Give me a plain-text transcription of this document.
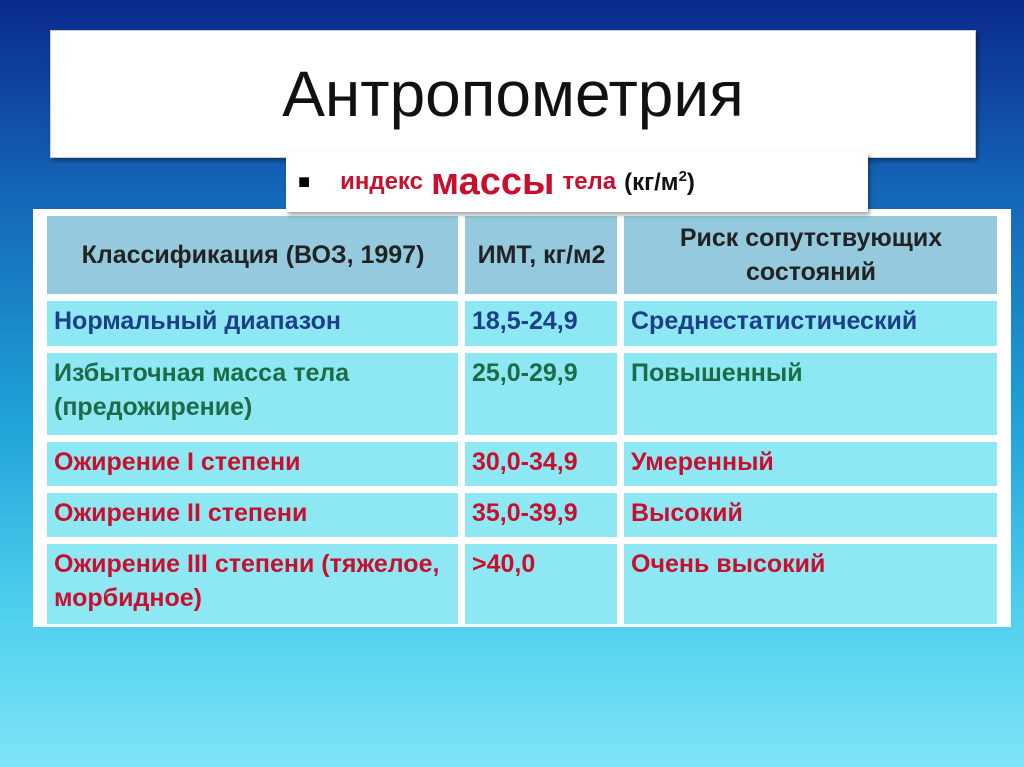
Антропометрия
■ индекс массы тела $(кг/м^2)$
Классификация (ВОЗ, 1997)	ИМТ, кг/м2	Риск сопутствующих состояний
Нормальный диапазон	18,5-24,9	Среднестатистический
Избыточная масса тела (предожирение)	25,0-29,9	Повышенный
Ожирение I степени	30,0-34,9	Умеренный
Ожирение II степени	35,0-39,9	Высокий
Ожирение III степени (тяжелое, морбидное)	>40,0	Очень высокий
